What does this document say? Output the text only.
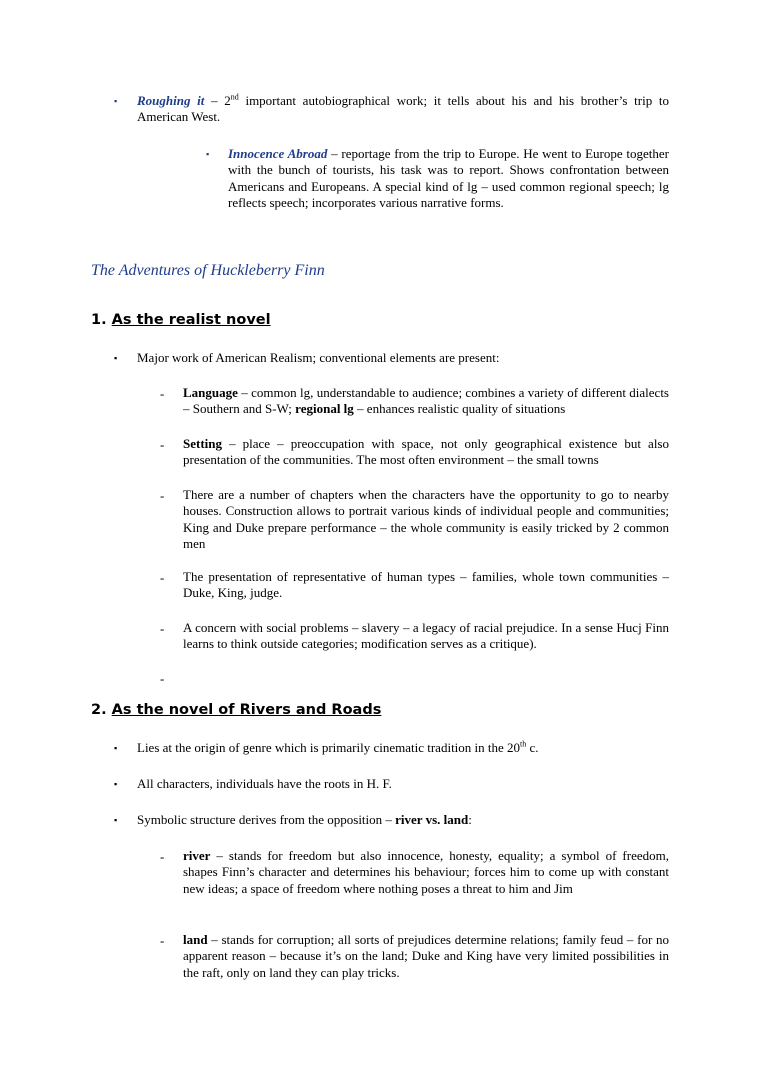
▪ Roughing it – 2nd important autobiographical work; it tells about his and his brother’s trip to American West.
▪ Innocence Abroad – reportage from the trip to Europe. He went to Europe together with the bunch of tourists, his task was to report. Shows confrontation between Americans and Europeans. A special kind of lg – used common regional speech; lg reflects speech; incorporates various narrative forms.
The Adventures of Huckleberry Finn
1. As the realist novel
▪ Major work of American Realism; conventional elements are present:
- Language – common lg, understandable to audience; combines a variety of different dialects – Southern and S-W; regional lg – enhances realistic quality of situations
- Setting – place – preoccupation with space, not only geographical existence but also presentation of the communities. The most often environment – the small towns
- There are a number of chapters when the characters have the opportunity to go to nearby houses. Construction allows to portrait various kinds of individual people and communities; King and Duke prepare performance – the whole community is easily tricked by 2 common men
- The presentation of representative of human types – families, whole town communities – Duke, King, judge.
- A concern with social problems – slavery – a legacy of racial prejudice. In a sense Hucj Finn learns to think outside categories; modification serves as a critique).
-
2. As the novel of Rivers and Roads
▪ Lies at the origin of genre which is primarily cinematic tradition in the 20th c.
▪ All characters, individuals have the roots in H. F.
▪ Symbolic structure derives from the opposition – river vs. land:
- river – stands for freedom but also innocence, honesty, equality; a symbol of freedom, shapes Finn’s character and determines his behaviour; forces him to come up with constant new ideas; a space of freedom where nothing poses a threat to him and Jim
- land – stands for corruption; all sorts of prejudices determine relations; family feud – for no apparent reason – because it’s on the land; Duke and King have very limited possibilities in the raft, only on land they can play tricks.
